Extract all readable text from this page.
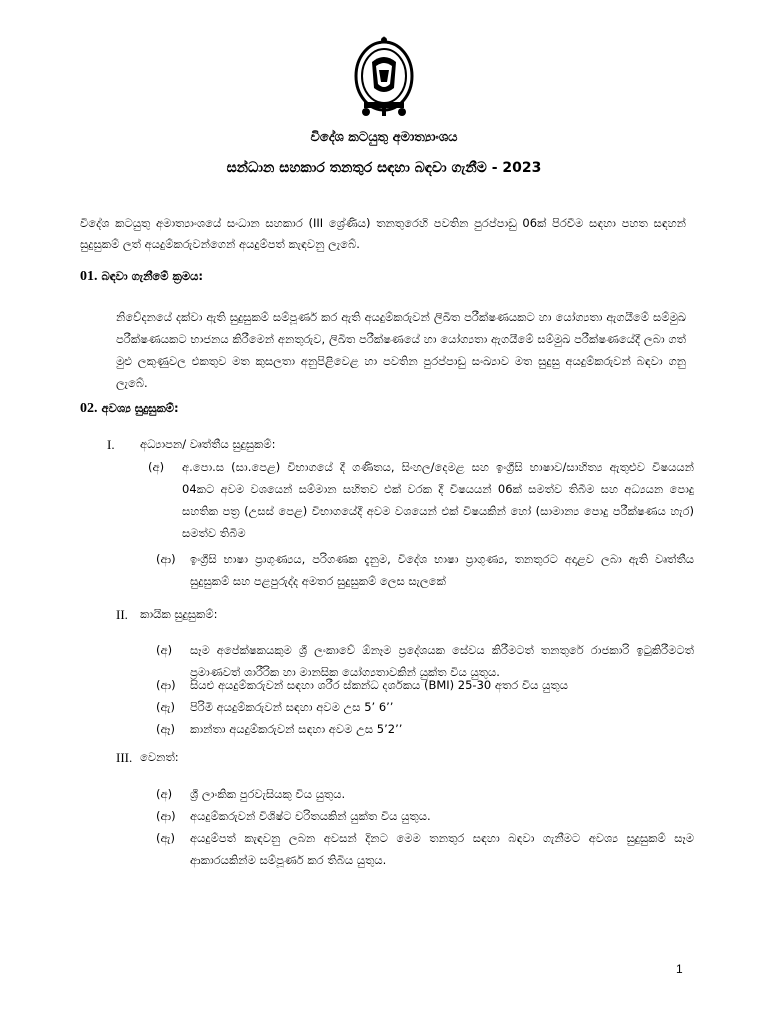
විදේශ කටයුතු අමාත්‍යාංශය
සන්ධාන සහකාර තනතුර සඳහා බඳවා ගැනීම - 2023
විදේශ කටයුතු අමාත්‍යාංශයේ සංධාන සහකාර (III ශ්‍රේණිය) තනතුරෙහි පවතින පුරප්පාඩු 06ක් පිරවීම සඳහා පහත සඳහන් සුදුසුකම් ලත් අයදුම්කරුවන්ගෙන් අයදුම්පත් කැඳවනු ලැබේ.
01. බඳවා ගැනීමේ ක්‍රමය:
නිවේදනයේ දක්වා ඇති සුදුසුකම් සම්පූර්ණ කර ඇති අයදුම්කරුවන් ලිඛිත පරීක්ෂණයකට හා යෝග්‍යතා ඇගයීමේ සම්මුඛ පරීක්ෂණයකට භාජනය කිරීමෙන් අනතුරුව, ලිඛිත පරීක්ෂණයේ හා යෝග්‍යතා ඇගයීමේ සම්මුඛ පරීක්ෂණයේදී ලබා ගත් මුළු ලකුණුවල එකතුව මත කුසලතා අනුපිළිවෙළ හා පවතින පුරප්පාඩු සංඛ්‍යාව මත සුදුසු අයදුම්කරුවන් බඳවා ගනු ලැබේ.
02. අවශ්‍ය සුදුසුකම්:
I. අධ්‍යාපන/ වෘත්තීය සුදුසුකම්:
(අ)	අ.පො.ස (සා.පෙළ) විභාගයේ දී ගණිතය, සිංහල/දෙමළ සහ ඉංග්‍රීසි භාෂාව/සාහිත්‍ය ඇතුළුව විෂයයන් 04කට අවම වශයෙන් සම්මාන සහිතව එක් වරක දී විෂයයන් 06ක් සමත්ව තිබීම සහ අධ්‍යයන පොදු සහතික පත්‍ර (උසස් පෙළ) විභාගයේදී අවම වශයෙන් එක් විෂයකින් හෝ (සාමාන්‍ය පොදු පරීක්ෂණය හැර) සමත්ව තිබීම
(ආ)	ඉංග්‍රීසි භාෂා ප්‍රාගුණ්‍යය, පරිගණක දැනුම, විදේශ භාෂා ප්‍රාගුණ්‍ය, තනතුරට අදාළව ලබා ඇති වෘත්තීය සුදුසුකම් සහ පළපුරුද්ද අමතර සුදුසුකම් ලෙස සැලකේ
II. කායික සුදුසුකම්:
(අ)	සෑම අපේක්ෂකයකුම ශ්‍රී ලංකාවේ ඕනෑම ප්‍රදේශයක සේවය කිරීමටත් තනතුරේ රාජකාරි ඉටුකිරීමටත් ප්‍රමාණවත් ශාරීරික හා මානසික යෝග්‍යතාවකින් යුක්ත විය යුතුය.
(ආ)	සියළු අයදුම්කරුවන් සඳහා ශරීර ස්කන්ධ දර්ශකය (BMI) 25-30 අතර විය යුතුය
(ඇ)	පිරිමි අයදුම්කරුවන් සඳහා අවම උස 5’ 6’’
(ඈ)	කාන්තා අයදුම්කරුවන් සඳහා අවම උස 5’2’’
III. වෙනත්:
(අ)	ශ්‍රී ලාංකික පුරවැසියකු විය යුතුය.
(ආ)	අයදුම්කරුවන් විශිෂ්ට චරිතයකින් යුක්ත විය යුතුය.
(ඇ)	අයදුම්පත් කැඳවනු ලබන අවසන් දිනට මෙම තනතුර සඳහා බඳවා ගැනීමට අවශ්‍ය සුදුසුකම් සෑම ආකාරයකින්ම සම්පූර්ණ කර තිබිය යුතුය.
1
